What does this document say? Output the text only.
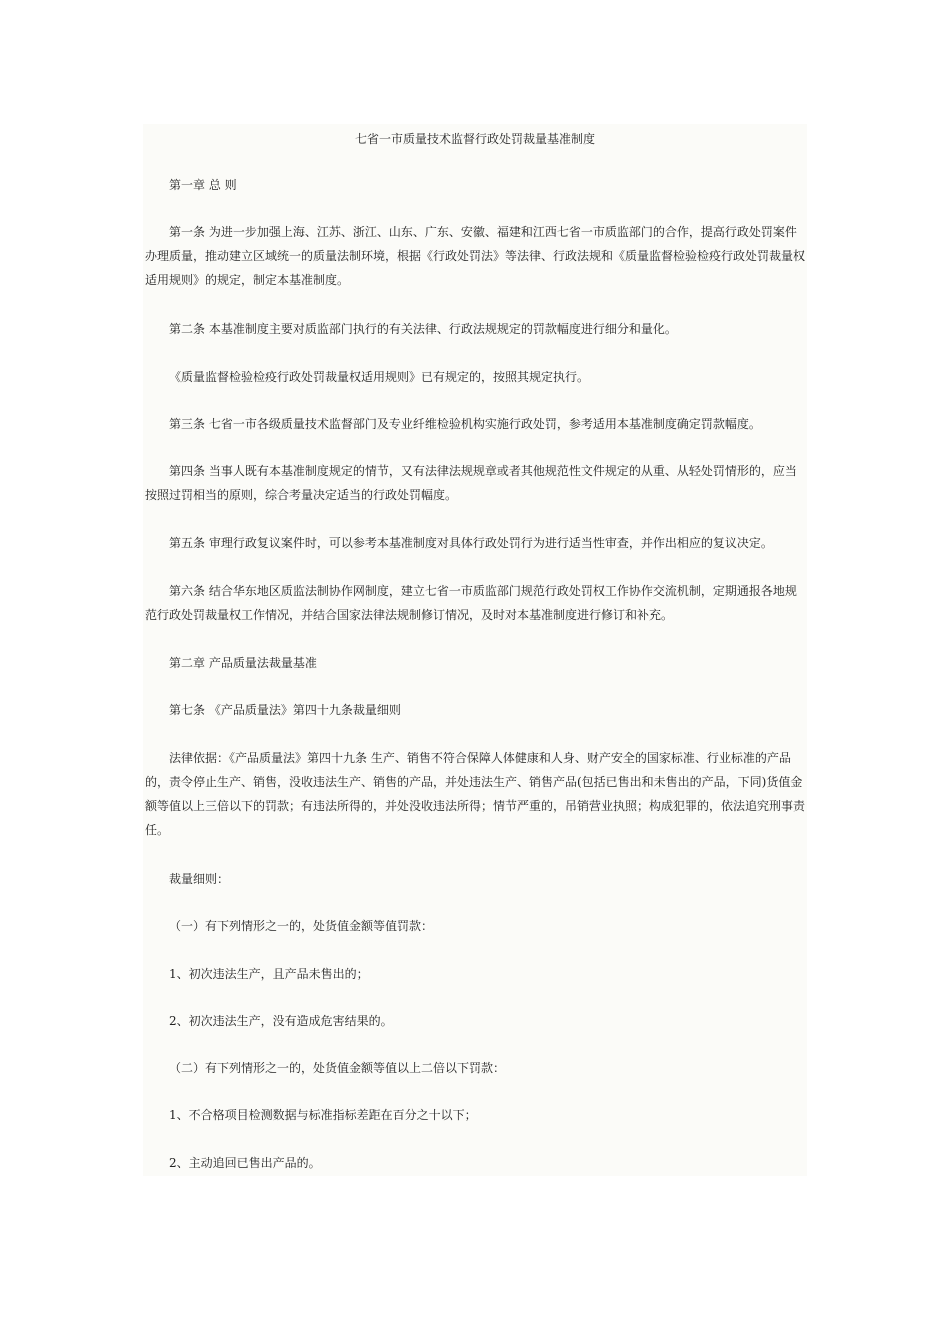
七省一市质量技术监督行政处罚裁量基准制度
第一章 总 则
第一条 为进一步加强上海、江苏、浙江、山东、广东、安徽、福建和江西七省一市质监部门的合作，提高行政处罚案件
办理质量，推动建立区域统一的质量法制环境，根据《行政处罚法》等法律、行政法规和《质量监督检验检疫行政处罚裁量权
适用规则》的规定，制定本基准制度。
第二条 本基准制度主要对质监部门执行的有关法律、行政法规规定的罚款幅度进行细分和量化。
《质量监督检验检疫行政处罚裁量权适用规则》已有规定的，按照其规定执行。
第三条 七省一市各级质量技术监督部门及专业纤维检验机构实施行政处罚，参考适用本基准制度确定罚款幅度。
第四条 当事人既有本基准制度规定的情节，又有法律法规规章或者其他规范性文件规定的从重、从轻处罚情形的，应当
按照过罚相当的原则，综合考量决定适当的行政处罚幅度。
第五条 审理行政复议案件时，可以参考本基准制度对具体行政处罚行为进行适当性审查，并作出相应的复议决定。
第六条 结合华东地区质监法制协作网制度，建立七省一市质监部门规范行政处罚权工作协作交流机制，定期通报各地规
范行政处罚裁量权工作情况，并结合国家法律法规制修订情况，及时对本基准制度进行修订和补充。
第二章 产品质量法裁量基准
第七条 《产品质量法》第四十九条裁量细则
法律依据：《产品质量法》第四十九条 生产、销售不符合保障人体健康和人身、财产安全的国家标准、行业标准的产品
的，责令停止生产、销售，没收违法生产、销售的产品，并处违法生产、销售产品(包括已售出和未售出的产品，下同)货值金
额等值以上三倍以下的罚款；有违法所得的，并处没收违法所得；情节严重的，吊销营业执照；构成犯罪的，依法追究刑事责
任。
裁量细则：
（一）有下列情形之一的，处货值金额等值罚款：
1、初次违法生产，且产品未售出的；
2、初次违法生产，没有造成危害结果的。
（二）有下列情形之一的，处货值金额等值以上二倍以下罚款：
1、不合格项目检测数据与标准指标差距在百分之十以下；
2、主动追回已售出产品的。
